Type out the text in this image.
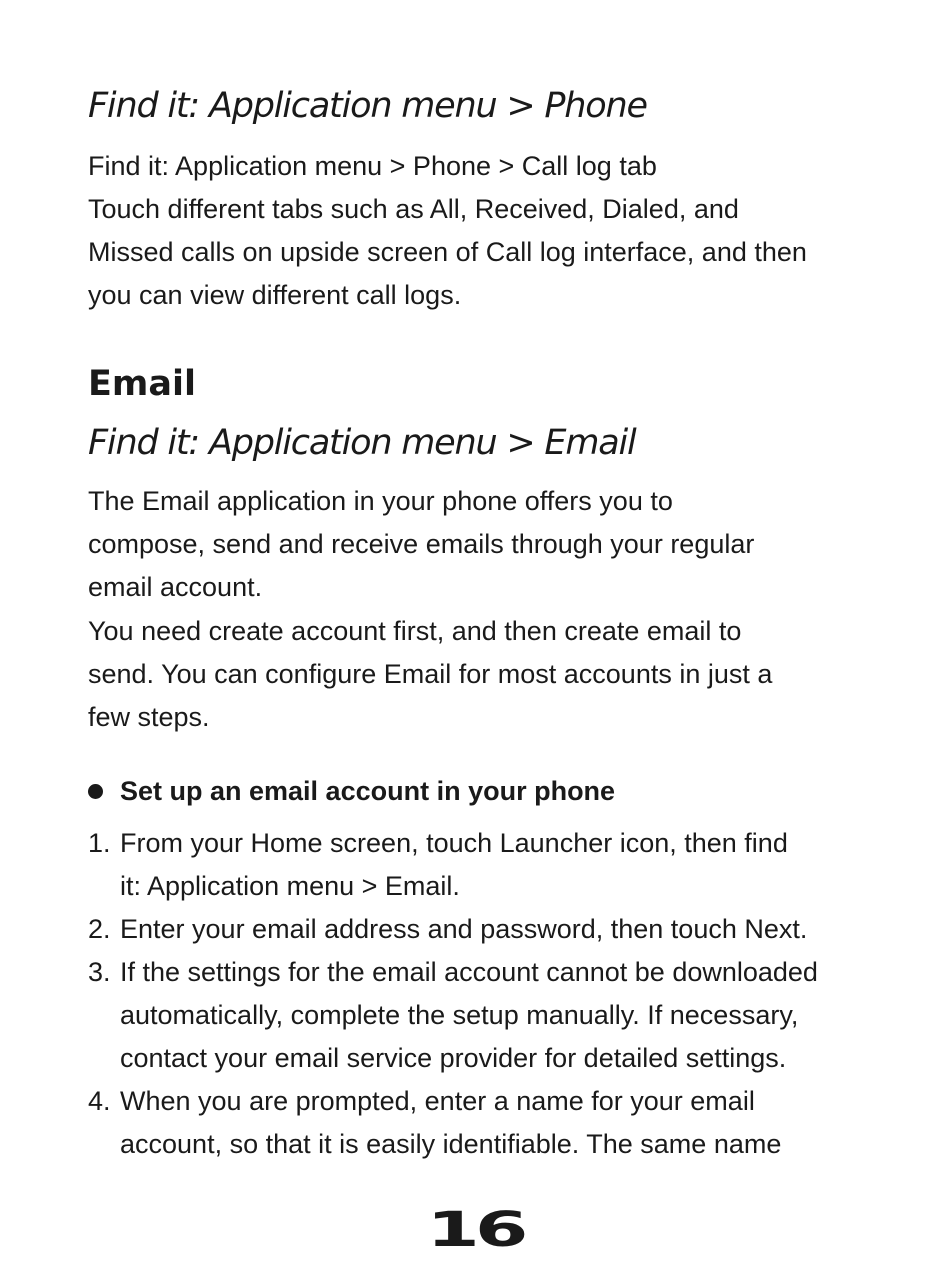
Find it: Application menu > Phone

Find it: Application menu > Phone > Call log tab

Touch different tabs such as All, Received, Dialed, and

Missed calls on upside screen of Call log interface, and then

you can view different call logs.

Email

Find it: Application menu > Email

The Email application in your phone offers you to

compose, send and receive emails through your regular

email account.

You need create account first, and then create email to

send. You can configure Email for most accounts in just a

few steps.

Set up an email account in your phone
1. From your Home screen, touch Launcher icon, then find
it: Application menu > Email.
2. Enter your email address and password, then touch Next.
3. If the settings for the email account cannot be downloaded
automatically, complete the setup manually. If necessary,
contact your email service provider for detailed settings.
4. When you are prompted, enter a name for your email
account, so that it is easily identifiable. The same name
16
